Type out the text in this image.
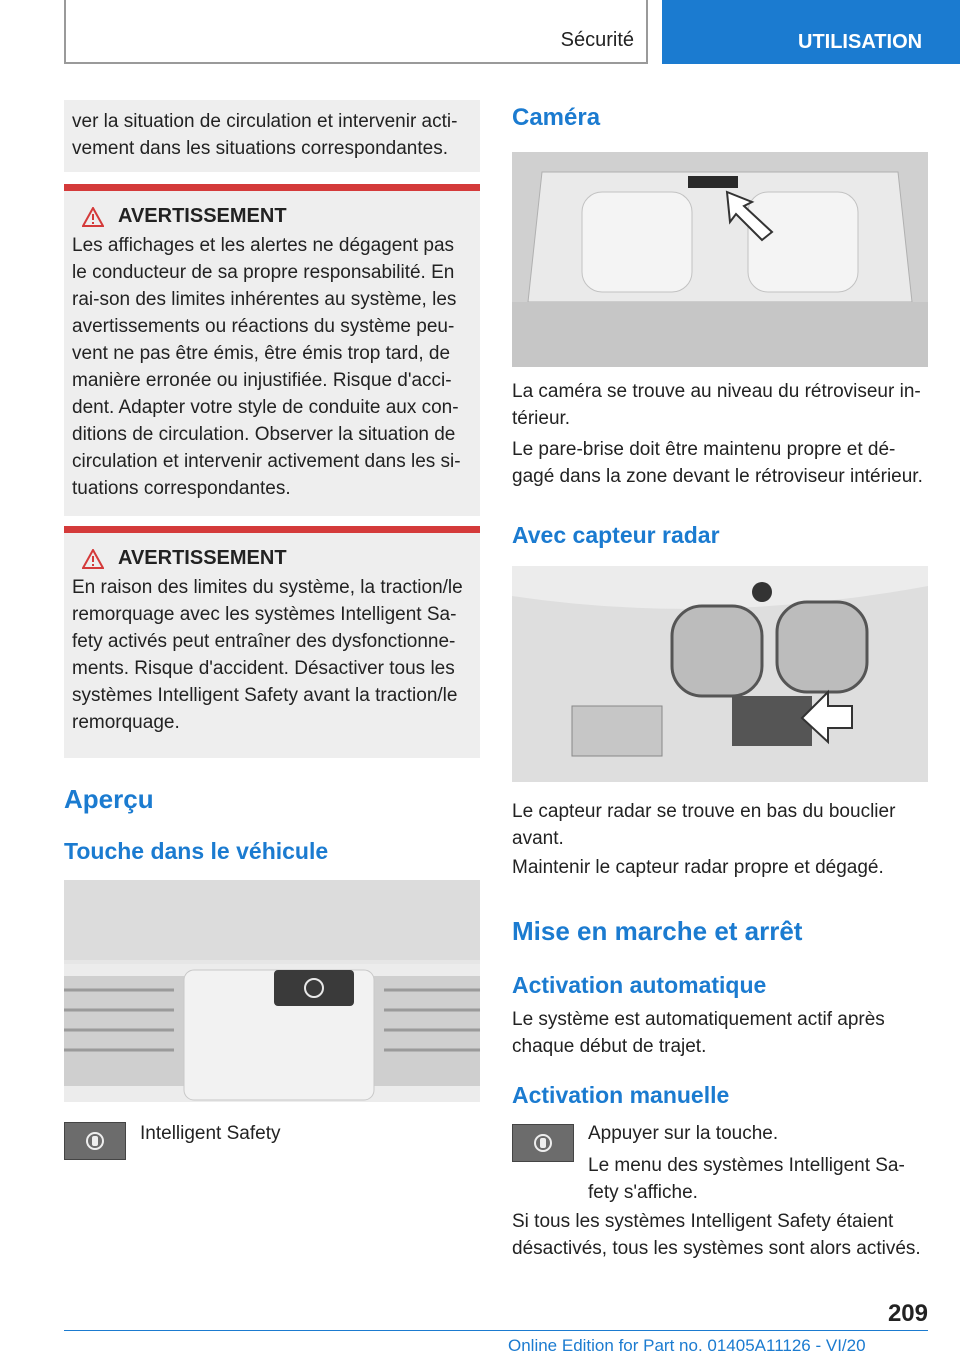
Sécurité	UTILISATION

ver la situation de circulation et intervenir acti-vement dans les situations correspondantes.

AVERTISSEMENT

Les affichages et les alertes ne dégagent pas le conducteur de sa propre responsabilité. En rai-son des limites inhérentes au système, les avertissements ou réactions du système peu-vent ne pas être émis, être émis trop tard, de manière erronée ou injustifiée. Risque d'acci-dent. Adapter votre style de conduite aux con-ditions de circulation. Observer la situation de circulation et intervenir activement dans les si-tuations correspondantes.

AVERTISSEMENT

En raison des limites du système, la traction/le remorquage avec les systèmes Intelligent Sa-fety activés peut entraîner des dysfonctionne-ments. Risque d'accident. Désactiver tous les systèmes Intelligent Safety avant la traction/le remorquage.

Aperçu
Touche dans le véhicule

Intelligent Safety

Caméra

La caméra se trouve au niveau du rétroviseur in-térieur.

Le pare-brise doit être maintenu propre et dé-gagé dans la zone devant le rétroviseur intérieur.

Avec capteur radar

Le capteur radar se trouve en bas du bouclier avant.

Maintenir le capteur radar propre et dégagé.

Mise en marche et arrêt
Activation automatique

Le système est automatiquement actif après chaque début de trajet.

Activation manuelle

Appuyer sur la touche.

Le menu des systèmes Intelligent Sa-fety s'affiche.

Si tous les systèmes Intelligent Safety étaient désactivés, tous les systèmes sont alors activés.

209
Online Edition for Part no. 01405A11126 - VI/20
